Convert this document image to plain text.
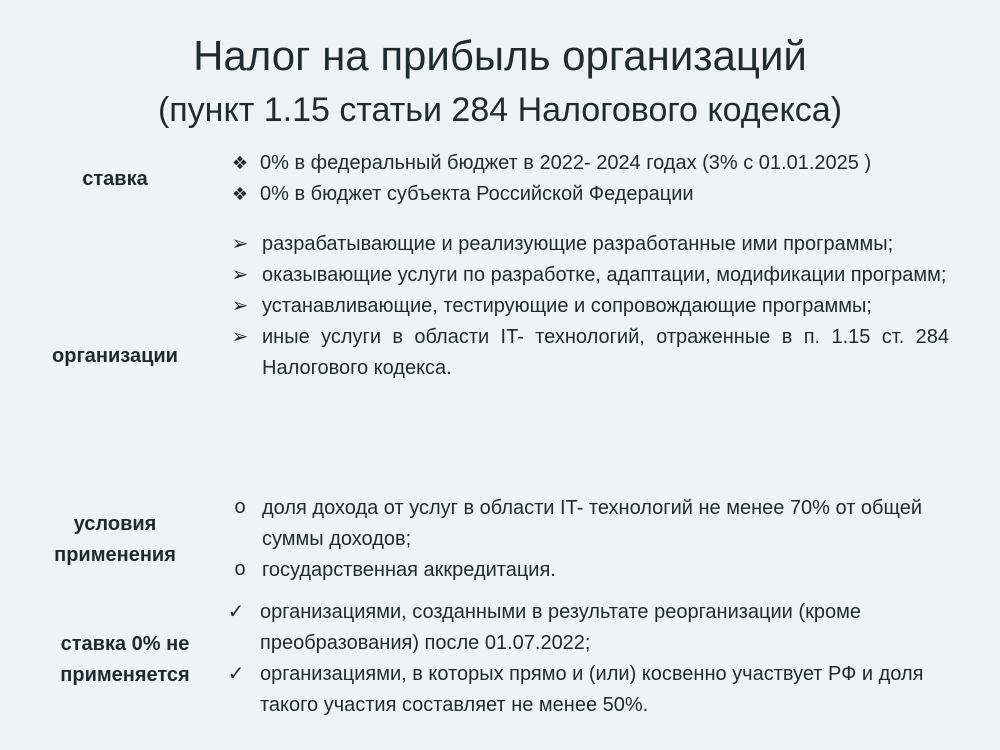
Налог на прибыль организаций
(пункт 1.15 статьи 284 Налогового кодекса)
ставка
❖ 0% в федеральный бюджет в 2022- 2024 годах (3% с 01.01.2025 )
❖ 0% в бюджет субъекта Российской Федерации
организации
➢ разрабатывающие и реализующие разработанные ими программы;
➢ оказывающие услуги по разработке, адаптации, модификации программ;
➢ устанавливающие, тестирующие и сопровождающие программы;
➢ иные услуги в области IT- технологий, отраженные в п. 1.15 ст. 284 Налогового кодекса.
условия применения
o доля дохода от услуг в области IT- технологий не менее 70% от общей суммы доходов;
o государственная аккредитация.
ставка 0% не применяется
✓ организациями, созданными в результате реорганизации (кроме преобразования) после 01.07.2022;
✓ организациями, в которых прямо и (или) косвенно участвует РФ и доля такого участия составляет не менее 50%.
